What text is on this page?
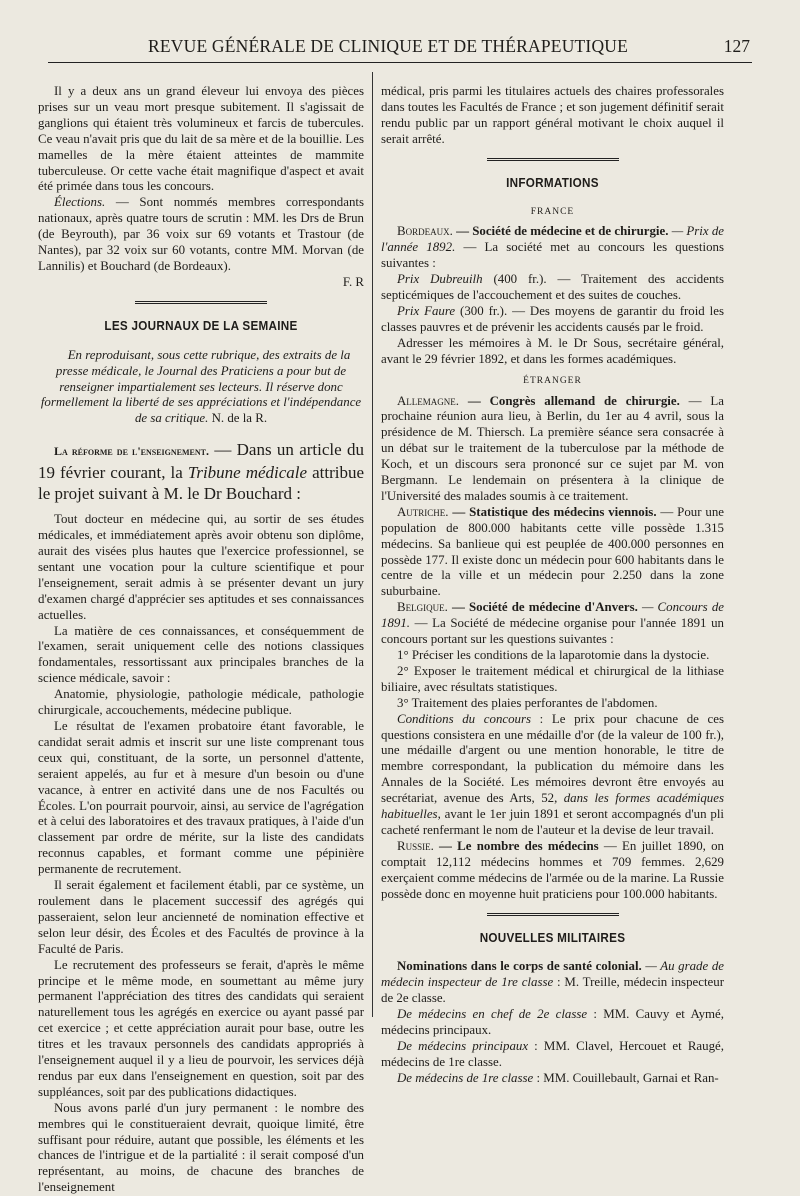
REVUE GÉNÉRALE DE CLINIQUE ET DE THÉRAPEUTIQUE	127

Il y a deux ans un grand éleveur lui envoya des pièces prises sur un veau mort presque subitement. Il s'agissait de ganglions qui étaient très volumineux et farcis de tubercules. Ce veau n'avait pris que du lait de sa mère et de la bouillie. Les mamelles de la mère étaient atteintes de mammite tuberculeuse. Or cette vache était magnifique d'aspect et avait été primée dans tous les concours.

Élections. — Sont nommés membres correspondants nationaux, après quatre tours de scrutin : MM. les Drs de Brun (de Beyrouth), par 36 voix sur 69 votants et Trastour (de Nantes), par 32 voix sur 60 votants, contre MM. Morvan (de Lannilis) et Bouchard (de Bordeaux).

F. R

LES JOURNAUX DE LA SEMAINE

En reproduisant, sous cette rubrique, des extraits de la presse médicale, le Journal des Praticiens a pour but de renseigner impartialement ses lecteurs. Il réserve donc formellement la liberté de ses appréciations et l'indépendance de sa critique. N. de la R.

La réforme de l'enseignement. — Dans un article du 19 février courant, la Tribune médicale attribue le projet suivant à M. le Dr Bouchard :

Tout docteur en médecine qui, au sortir de ses études médicales, et immédiatement après avoir obtenu son diplôme, aurait des visées plus hautes que l'exercice professionnel, se sentant une vocation pour la culture scientifique et pour l'enseignement, serait admis à se présenter devant un jury d'examen chargé d'apprécier ses aptitudes et ses connaissances actuelles.

La matière de ces connaissances, et conséquemment de l'examen, serait uniquement celle des notions classiques fondamentales, ressortissant aux principales branches de la science médicale, savoir :

Anatomie, physiologie, pathologie médicale, pathologie chirurgicale, accouchements, médecine publique.

Le résultat de l'examen probatoire étant favorable, le candidat serait admis et inscrit sur une liste comprenant tous ceux qui, constituant, de la sorte, un personnel d'attente, seraient appelés, au fur et à mesure d'un besoin ou d'une vacance, à entrer en activité dans une de nos Facultés ou Écoles. L'on pourrait pourvoir, ainsi, au service de l'agrégation et à celui des laboratoires et des travaux pratiques, à l'aide d'un classement par ordre de mérite, sur la liste des candidats reconnus capables, et formant comme une pépinière permanente de recrutement.

Il serait également et facilement établi, par ce système, un roulement dans le placement successif des agrégés qui passeraient, selon leur ancienneté de nomination effective et selon leur désir, des Écoles et des Facultés de province à la Faculté de Paris.

Le recrutement des professeurs se ferait, d'après le même principe et le même mode, en soumettant au même jury permanent l'appréciation des titres des candidats qui seraient naturellement tous les agrégés en exercice ou ayant passé par cet exercice ; et cette appréciation aurait pour base, outre les titres et les travaux personnels des candidats appropriés à l'enseignement auquel il y a lieu de pourvoir, les services déjà rendus par eux dans l'enseignement en question, soit par des suppléances, soit par des publications didactiques.

Nous avons parlé d'un jury permanent : le nombre des membres qui le constitueraient devrait, quoique limité, être suffisant pour réduire, autant que possible, les éléments et les chances de l'intrigue et de la partialité : il serait composé d'un représentant, au moins, de chacune des branches de l'enseignement

médical, pris parmi les titulaires actuels des chaires professorales dans toutes les Facultés de France ; et son jugement définitif serait rendu public par un rapport général motivant le choix auquel il serait arrêté.

INFORMATIONS
FRANCE

Bordeaux. — Société de médecine et de chirurgie. — Prix de l'année 1892. — La société met au concours les questions suivantes :

Prix Dubreuilh (400 fr.). — Traitement des accidents septicémiques de l'accouchement et des suites de couches.

Prix Faure (300 fr.). — Des moyens de garantir du froid les classes pauvres et de prévenir les accidents causés par le froid.

Adresser les mémoires à M. le Dr Sous, secrétaire général, avant le 29 février 1892, et dans les formes académiques.

ÉTRANGER

Allemagne. — Congrès allemand de chirurgie. — La prochaine réunion aura lieu, à Berlin, du 1er au 4 avril, sous la présidence de M. Thiersch. La première séance sera consacrée à un débat sur le traitement de la tuberculose par la méthode de Koch, et un discours sera prononcé sur ce sujet par M. von Bergmann. Le lendemain on présentera à la clinique de l'Université des malades soumis à ce traitement.

Autriche. — Statistique des médecins viennois. — Pour une population de 800.000 habitants cette ville possède 1.315 médecins. Sa banlieue qui est peuplée de 400.000 personnes en possède 177. Il existe donc un médecin pour 600 habitants dans le centre de la ville et un médecin pour 2.250 dans la zone suburbaine.

Belgique. — Société de médecine d'Anvers. — Concours de 1891. — La Société de médecine organise pour l'année 1891 un concours portant sur les questions suivantes :

1° Préciser les conditions de la laparotomie dans la dystocie.

2° Exposer le traitement médical et chirurgical de la lithiase biliaire, avec résultats statistiques.

3° Traitement des plaies perforantes de l'abdomen.

Conditions du concours : Le prix pour chacune de ces questions consistera en une médaille d'or (de la valeur de 100 fr.), une médaille d'argent ou une mention honorable, le titre de membre correspondant, la publication du mémoire dans les Annales de la Société. Les mémoires devront être envoyés au secrétariat, avenue des Arts, 52, dans les formes académiques habituelles, avant le 1er juin 1891 et seront accompagnés d'un pli cacheté renfermant le nom de l'auteur et la devise de leur travail.

Russie. — Le nombre des médecins — En juillet 1890, on comptait 12,112 médecins hommes et 709 femmes. 2,629 exerçaient comme médecins de l'armée ou de la marine. La Russie possède donc en moyenne huit praticiens pour 100.000 habitants.

NOUVELLES MILITAIRES

Nominations dans le corps de santé colonial. — Au grade de médecin inspecteur de 1re classe : M. Treille, médecin inspecteur de 2e classe.

De médecins en chef de 2e classe : MM. Cauvy et Aymé, médecins principaux.

De médecins principaux : MM. Clavel, Hercouet et Raugé, médecins de 1re classe.

De médecins de 1re classe : MM. Couillebault, Garnai et Ran-
